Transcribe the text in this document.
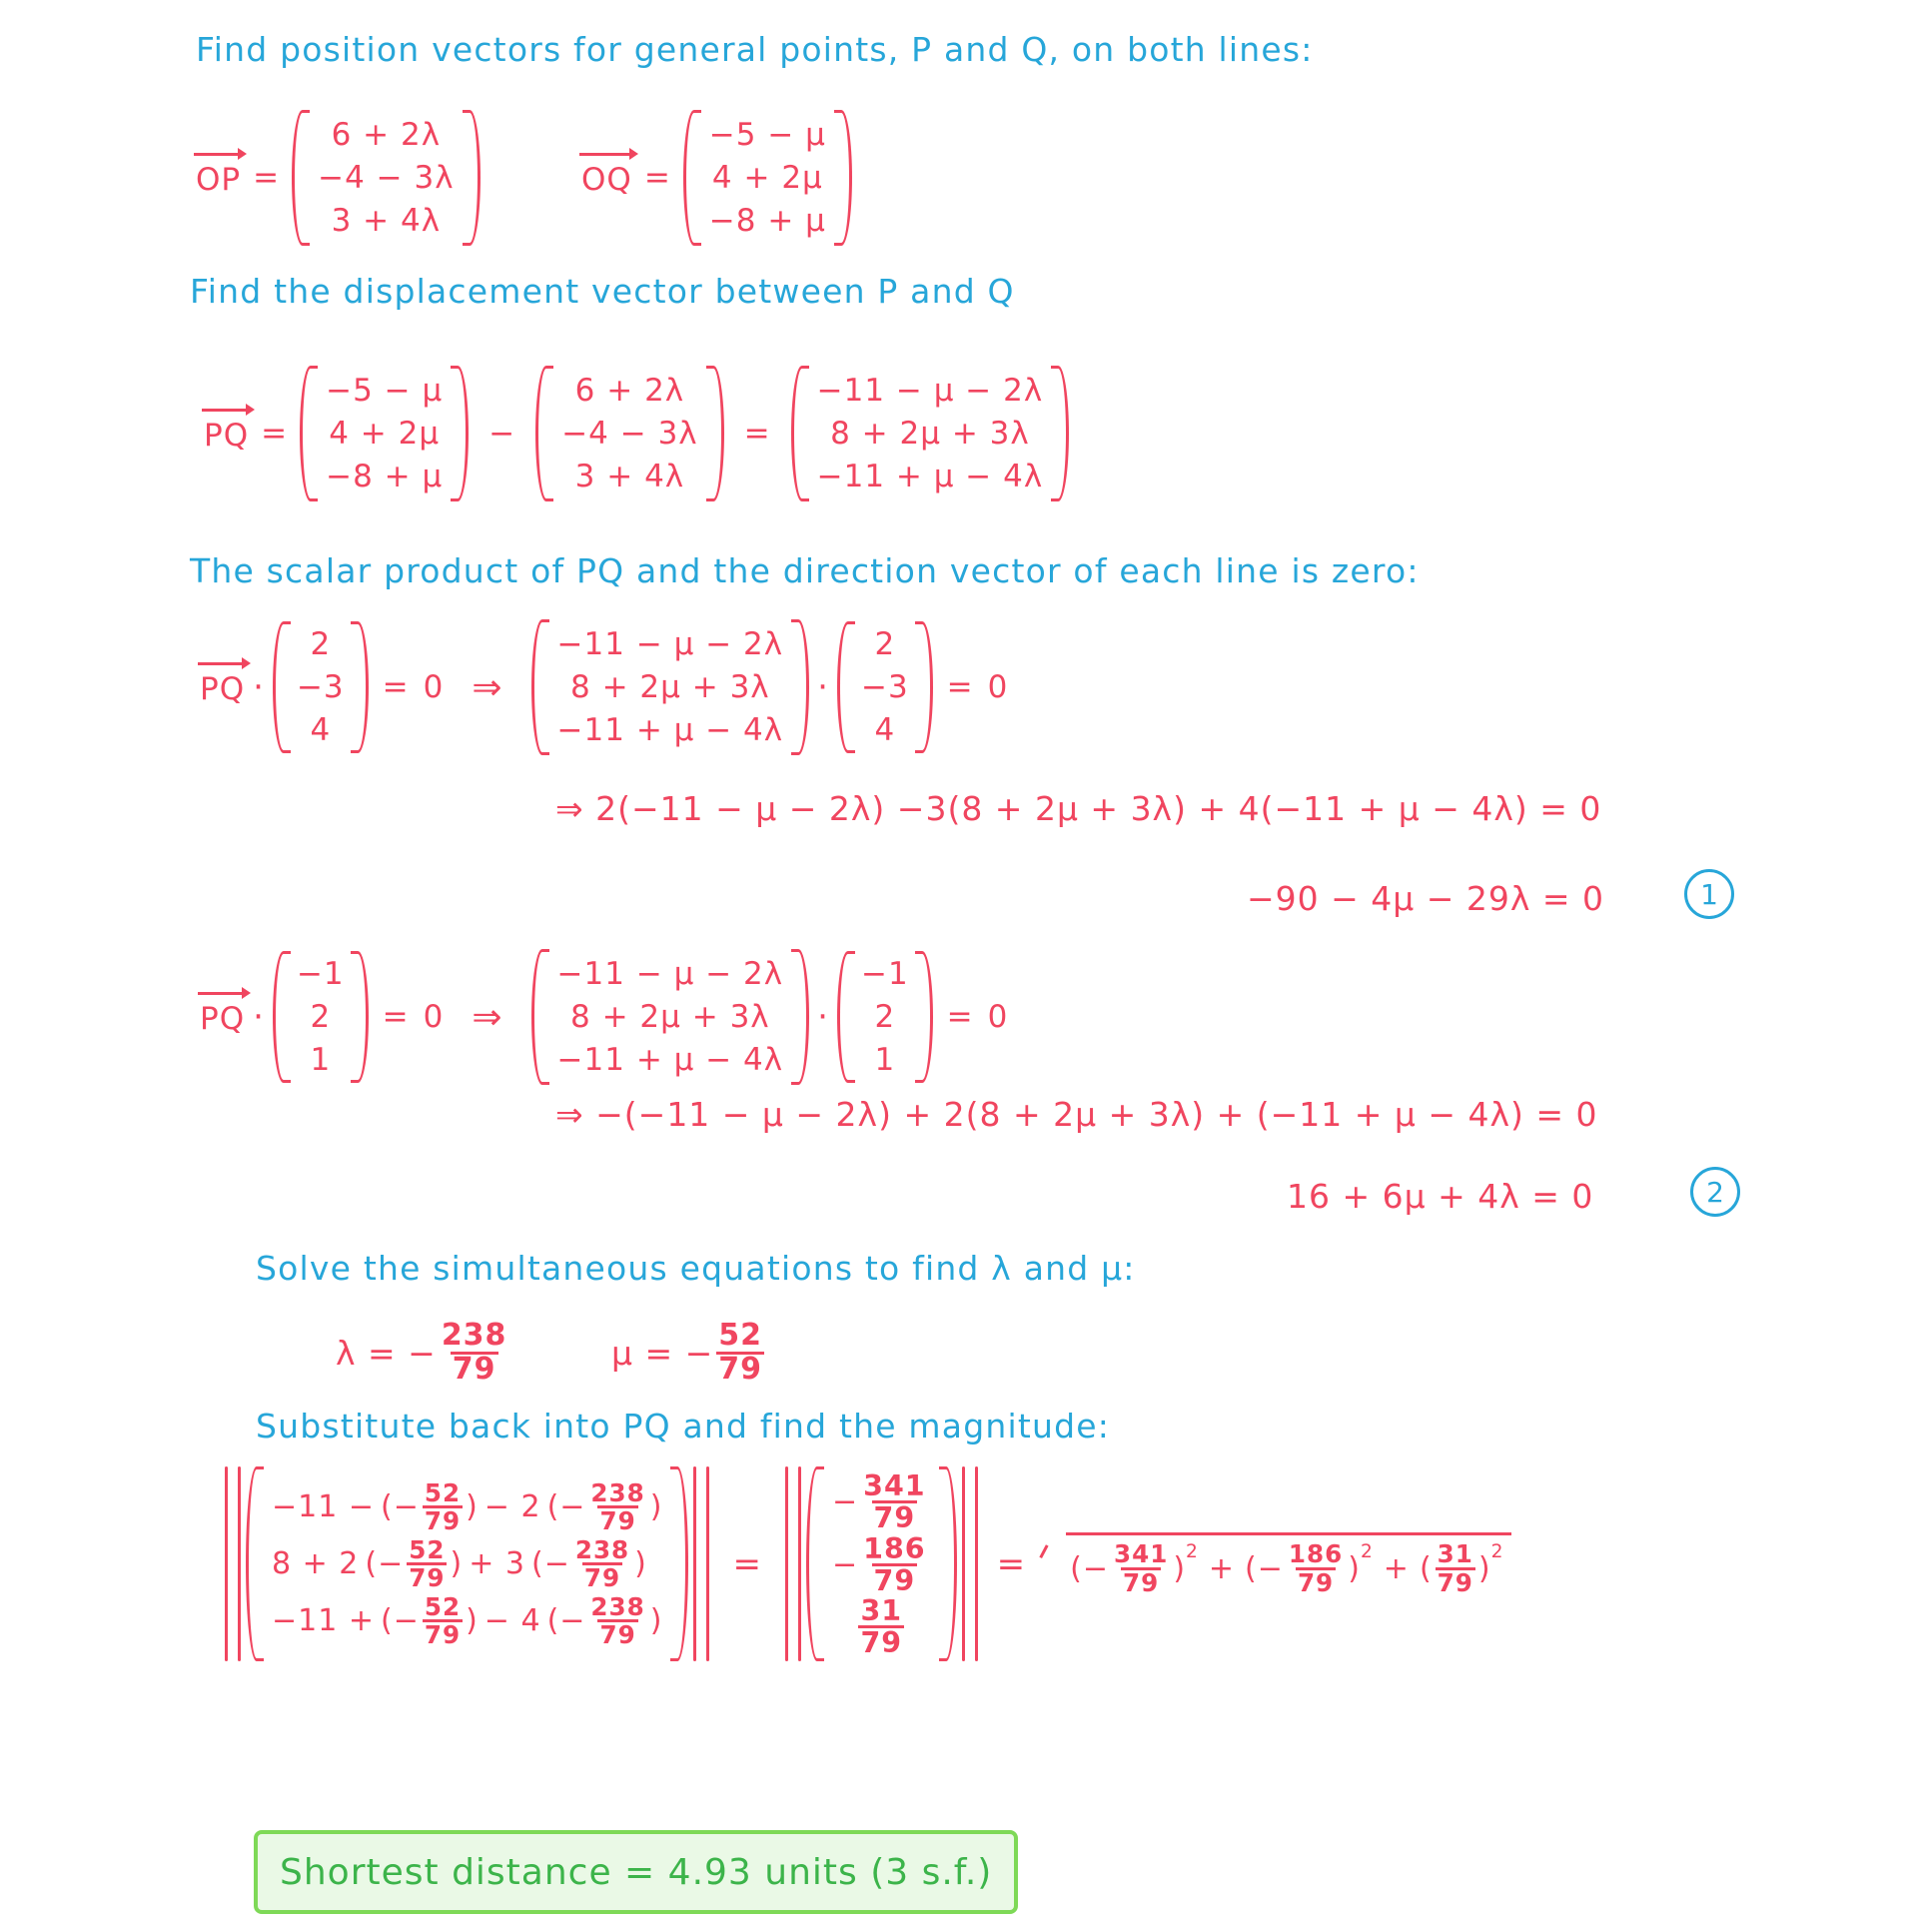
Find position vectors for general points, P and Q, on both lines:
OP =
6 + 2λ
−4 − 3λ
3 + 4λ
OQ =
−5 − μ
4 + 2μ
−8 + μ
Find the displacement vector between P and Q
PQ =
−5 − μ
4 + 2μ
−8 + μ
−
6 + 2λ
−4 − 3λ
3 + 4λ
=
−11 − μ − 2λ
8 + 2μ + 3λ
−11 + μ − 4λ
The scalar product of PQ and the direction vector of each line is zero:
PQ ·
2
−3
4
= 0 ⇒
−11 − μ − 2λ
8 + 2μ + 3λ
−11 + μ − 4λ
·
2
−3
4
= 0
⇒ 2(−11 − μ − 2λ) −3(8 + 2μ + 3λ) + 4(−11 + μ − 4λ) = 0
−90 − 4μ − 29λ = 0	1
PQ ·
−1
2
1
= 0 ⇒
−11 − μ − 2λ
8 + 2μ + 3λ
−11 + μ − 4λ
·
−1
2
1
= 0
⇒ −(−11 − μ − 2λ) + 2(8 + 2μ + 3λ) + (−11 + μ − 4λ) = 0
16 + 6μ + 4λ = 0	2
Solve the simultaneous equations to find λ and μ:
λ = − $\frac{238}{79}$	μ = − $\frac{52}{79}$
Substitute back into PQ and find the magnitude:
−11 − ( − $\frac{52}{79}$ ) − 2 ( − $\frac{238}{79}$ )
8 + 2 ( − $\frac{52}{79}$ ) + 3 ( − $\frac{238}{79}$ )
−11 + ( − $\frac{52}{79}$ ) − 4 ( − $\frac{238}{79}$ )
=
− $\frac{341}{79}$
− $\frac{186}{79}$
$\frac{31}{79}$
=	( − $\frac{341}{79}$ ) 2 + ( − $\frac{186}{79}$ ) 2 + ( $\frac{31}{79}$ ) 2
Shortest distance = 4.93 units (3 s.f.)
